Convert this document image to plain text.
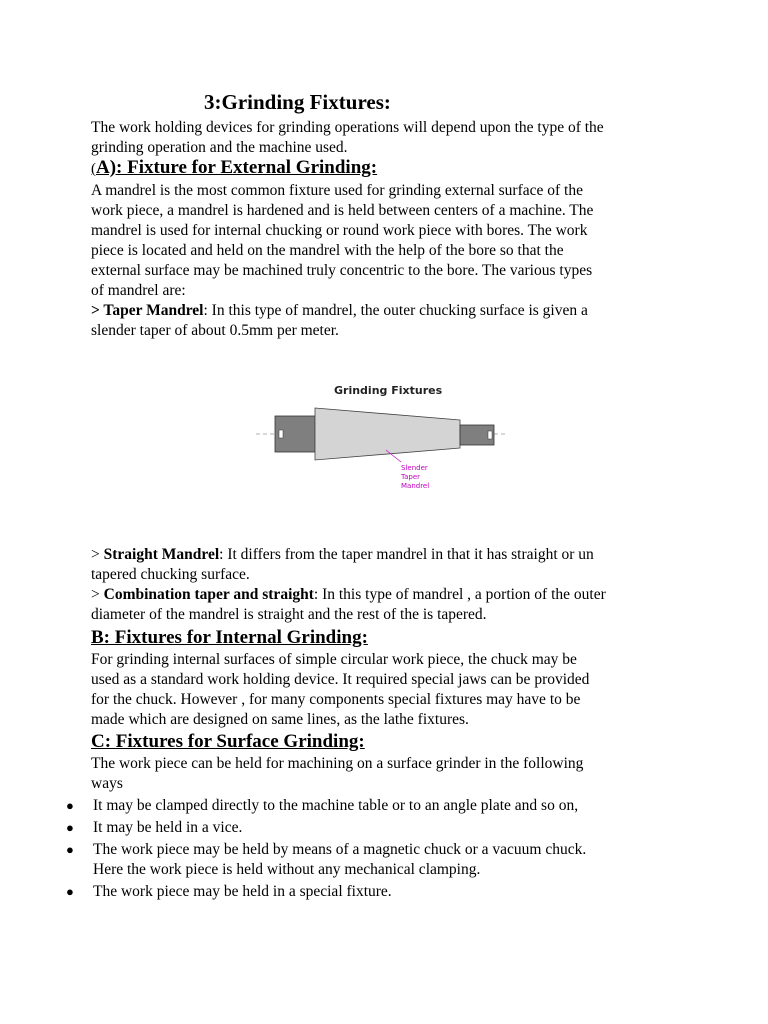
3:Grinding Fixtures:

The work holding devices for grinding operations will depend upon the type of the
grinding operation and the machine used.

(A): Fixture for External Grinding:

A mandrel is the most common fixture used for grinding external surface of the
work piece, a mandrel is hardened and is held between centers of a machine. The
mandrel is used for internal chucking or round work piece with bores. The work
piece is located and held on the mandrel with the help of the bore so that the
external surface may be machined truly concentric to the bore. The various types
of mandrel are:
> Taper Mandrel: In this type of mandrel, the outer chucking surface is given a
slender taper of about 0.5mm per meter.

Grinding Fixtures
Slender
Taper
Mandrel

> Straight Mandrel: It differs from the taper mandrel in that it has straight or un
tapered chucking surface.
> Combination taper and straight: In this type of mandrel , a portion of the outer
diameter of the mandrel is straight and the rest of the is tapered.

B: Fixtures for Internal Grinding:

For grinding internal surfaces of simple circular work piece, the chuck may be
used as a standard work holding device. It required special jaws can be provided
for the chuck. However , for many components special fixtures may have to be
made which are designed on same lines, as the lathe fixtures.

C: Fixtures for Surface Grinding:

The work piece can be held for machining on a surface grinder in the following
ways

● It may be clamped directly to the machine table or to an angle plate and so on,
● It may be held in a vice.
● The work piece may be held by means of a magnetic chuck or a vacuum chuck.
Here the work piece is held without any mechanical clamping.
● The work piece may be held in a special fixture.
